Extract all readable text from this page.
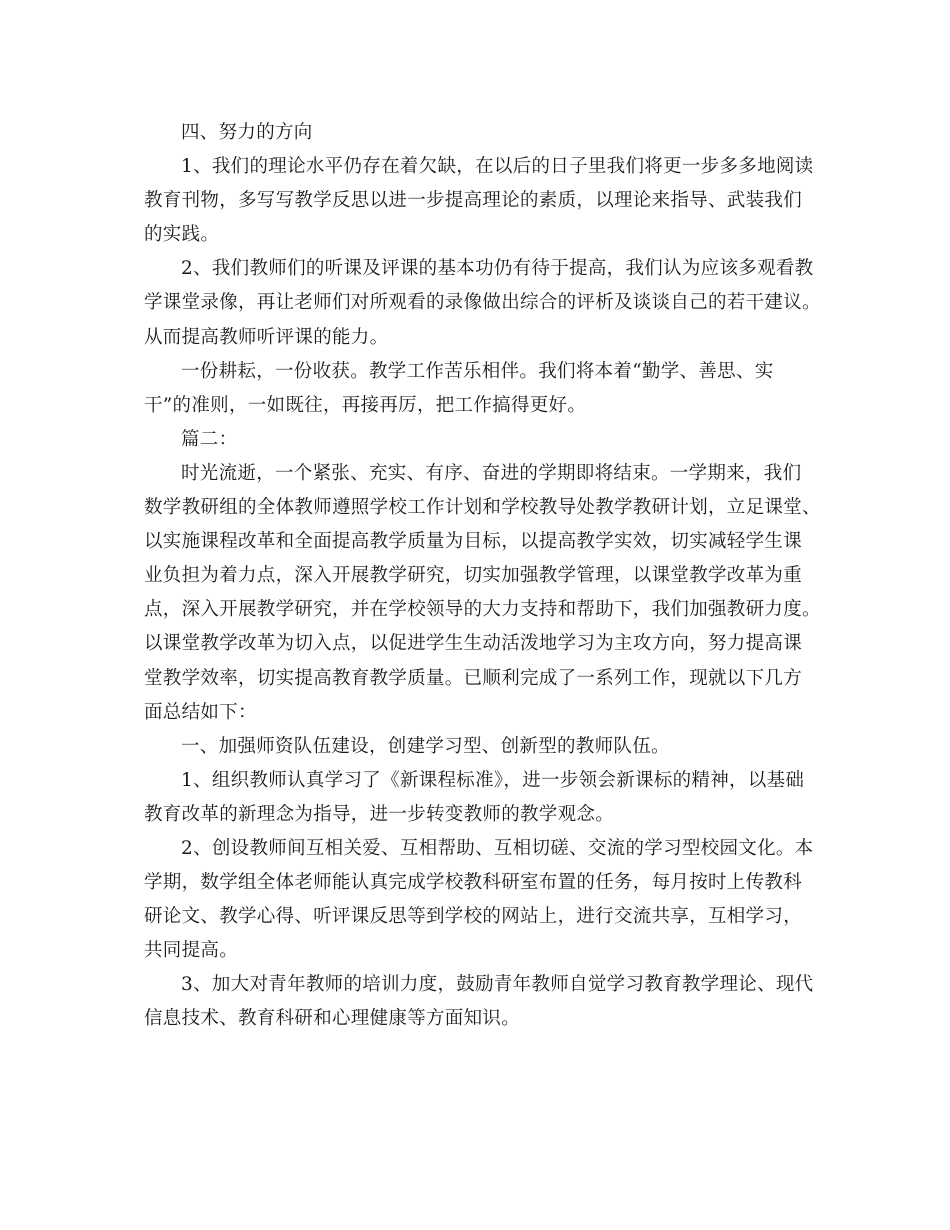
四、努力的方向
1、我们的理论水平仍存在着欠缺，在以后的日子里我们将更一步多多地阅读
教育刊物，多写写教学反思以进一步提高理论的素质，以理论来指导、武装我们
的实践。
2、我们教师们的听课及评课的基本功仍有待于提高，我们认为应该多观看教
学课堂录像，再让老师们对所观看的录像做出综合的评析及谈谈自己的若干建议。
从而提高教师听评课的能力。
一份耕耘，一份收获。教学工作苦乐相伴。我们将本着“勤学、善思、实
干”的准则，一如既往，再接再厉，把工作搞得更好。
篇二：
时光流逝，一个紧张、充实、有序、奋进的学期即将结束。一学期来，我们
数学教研组的全体教师遵照学校工作计划和学校教导处教学教研计划，立足课堂、
以实施课程改革和全面提高教学质量为目标，以提高教学实效，切实减轻学生课
业负担为着力点，深入开展教学研究，切实加强教学管理，以课堂教学改革为重
点，深入开展教学研究，并在学校领导的大力支持和帮助下，我们加强教研力度。
以课堂教学改革为切入点，以促进学生生动活泼地学习为主攻方向，努力提高课
堂教学效率，切实提高教育教学质量。已顺利完成了一系列工作，现就以下几方
面总结如下：
一、加强师资队伍建设，创建学习型、创新型的教师队伍。
1、组织教师认真学习了《新课程标准》，进一步领会新课标的精神，以基础
教育改革的新理念为指导，进一步转变教师的教学观念。
2、创设教师间互相关爱、互相帮助、互相切磋、交流的学习型校园文化。本
学期，数学组全体老师能认真完成学校教科研室布置的任务，每月按时上传教科
研论文、教学心得、听评课反思等到学校的网站上，进行交流共享，互相学习，
共同提高。
3、加大对青年教师的培训力度，鼓励青年教师自觉学习教育教学理论、现代
信息技术、教育科研和心理健康等方面知识。
